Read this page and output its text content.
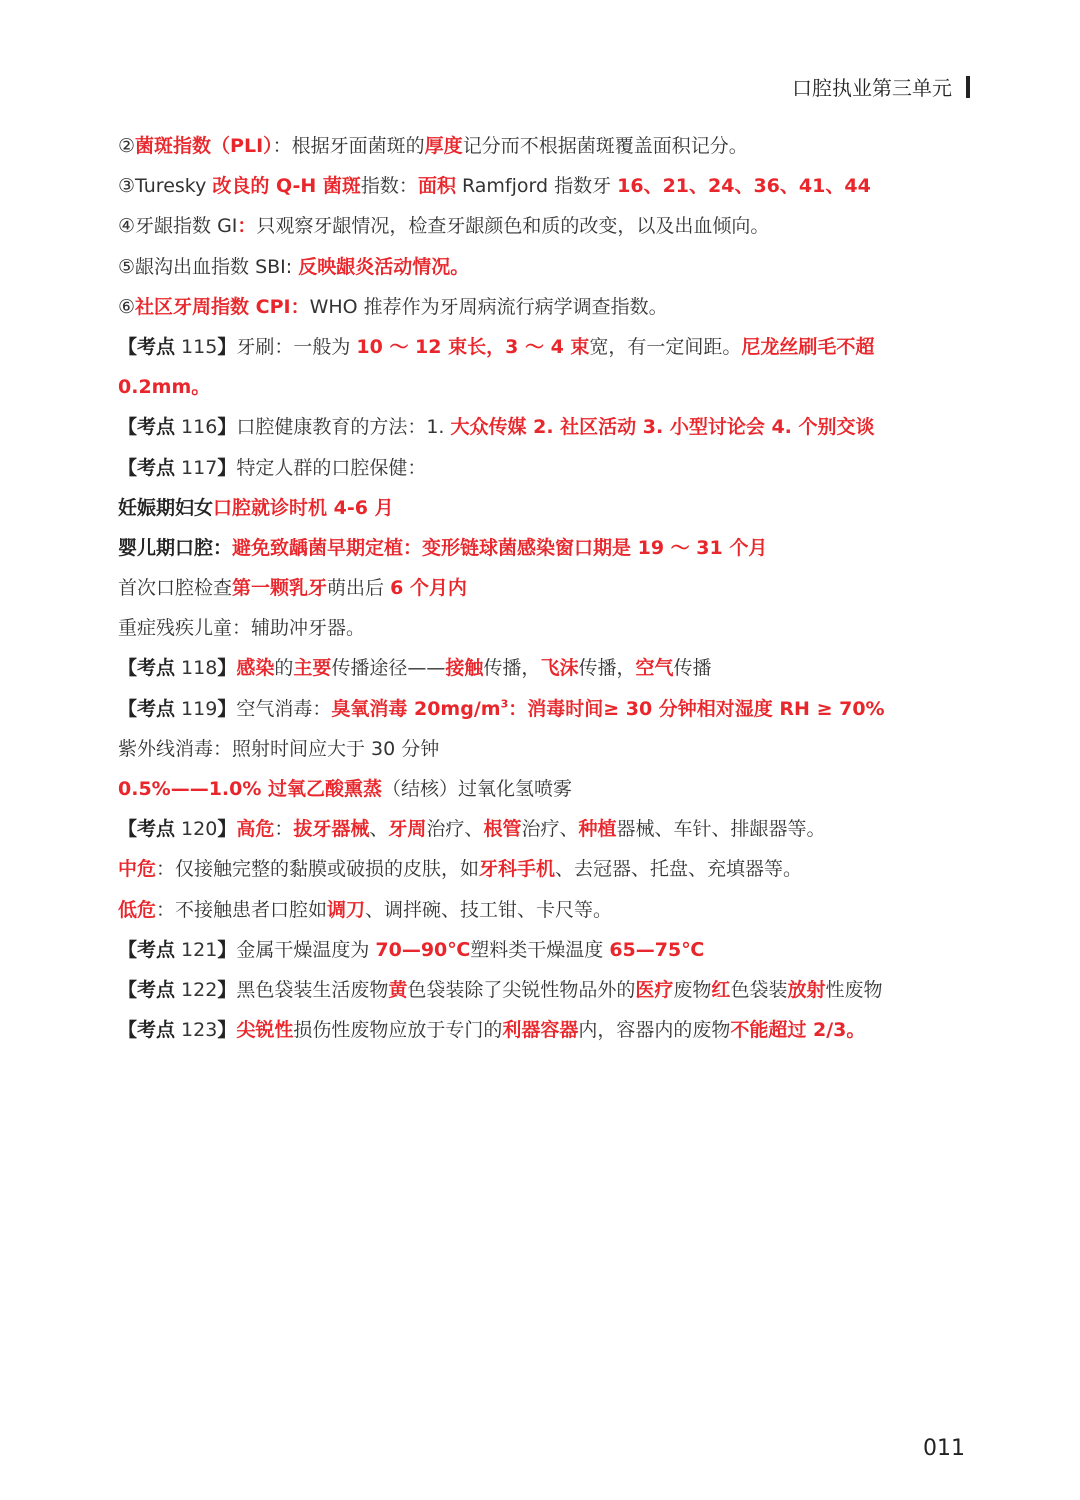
口腔执业第三单元
②菌斑指数（PLI）：根据牙面菌斑的厚度记分而不根据菌斑覆盖面积记分。
③Turesky 改良的 Q-H 菌斑指数：面积 Ramfjord 指数牙 16、21、24、36、41、44
④牙龈指数 GI：只观察牙龈情况，检查牙龈颜色和质的改变，以及出血倾向。
⑤龈沟出血指数 SBI: 反映龈炎活动情况。
⑥社区牙周指数 CPI：WHO 推荐作为牙周病流行病学调查指数。
【考点 115】牙刷：一般为 10 ～ 12 束长，3 ～ 4 束宽，有一定间距。尼龙丝刷毛不超
0.2mm。
【考点 116】口腔健康教育的方法：1. 大众传媒 2. 社区活动 3. 小型讨论会 4. 个别交谈
【考点 117】特定人群的口腔保健：
妊娠期妇女口腔就诊时机 4-6 月
婴儿期口腔：避免致龋菌早期定植：变形链球菌感染窗口期是 19 ～ 31 个月
首次口腔检查第一颗乳牙萌出后 6 个月内
重症残疾儿童：辅助冲牙器。
【考点 118】感染的主要传播途径——接触传播，飞沫传播，空气传播
【考点 119】空气消毒：臭氧消毒 $20mg/m^3$：消毒时间≥ 30 分钟相对湿度 RH ≥ 70%
紫外线消毒：照射时间应大于 30 分钟
0.5%——1.0% 过氧乙酸熏蒸（结核）过氧化氢喷雾
【考点 120】高危：拔牙器械、牙周治疗、根管治疗、种植器械、车针、排龈器等。
中危：仅接触完整的黏膜或破损的皮肤，如牙科手机、去冠器、托盘、充填器等。
低危：不接触患者口腔如调刀、调拌碗、技工钳、卡尺等。
【考点 121】金属干燥温度为 70—90℃塑料类干燥温度 65—75℃
【考点 122】黑色袋装生活废物黄色袋装除了尖锐性物品外的医疗废物红色袋装放射性废物
【考点 123】尖锐性损伤性废物应放于专门的利器容器内，容器内的废物不能超过 2/3。
011
